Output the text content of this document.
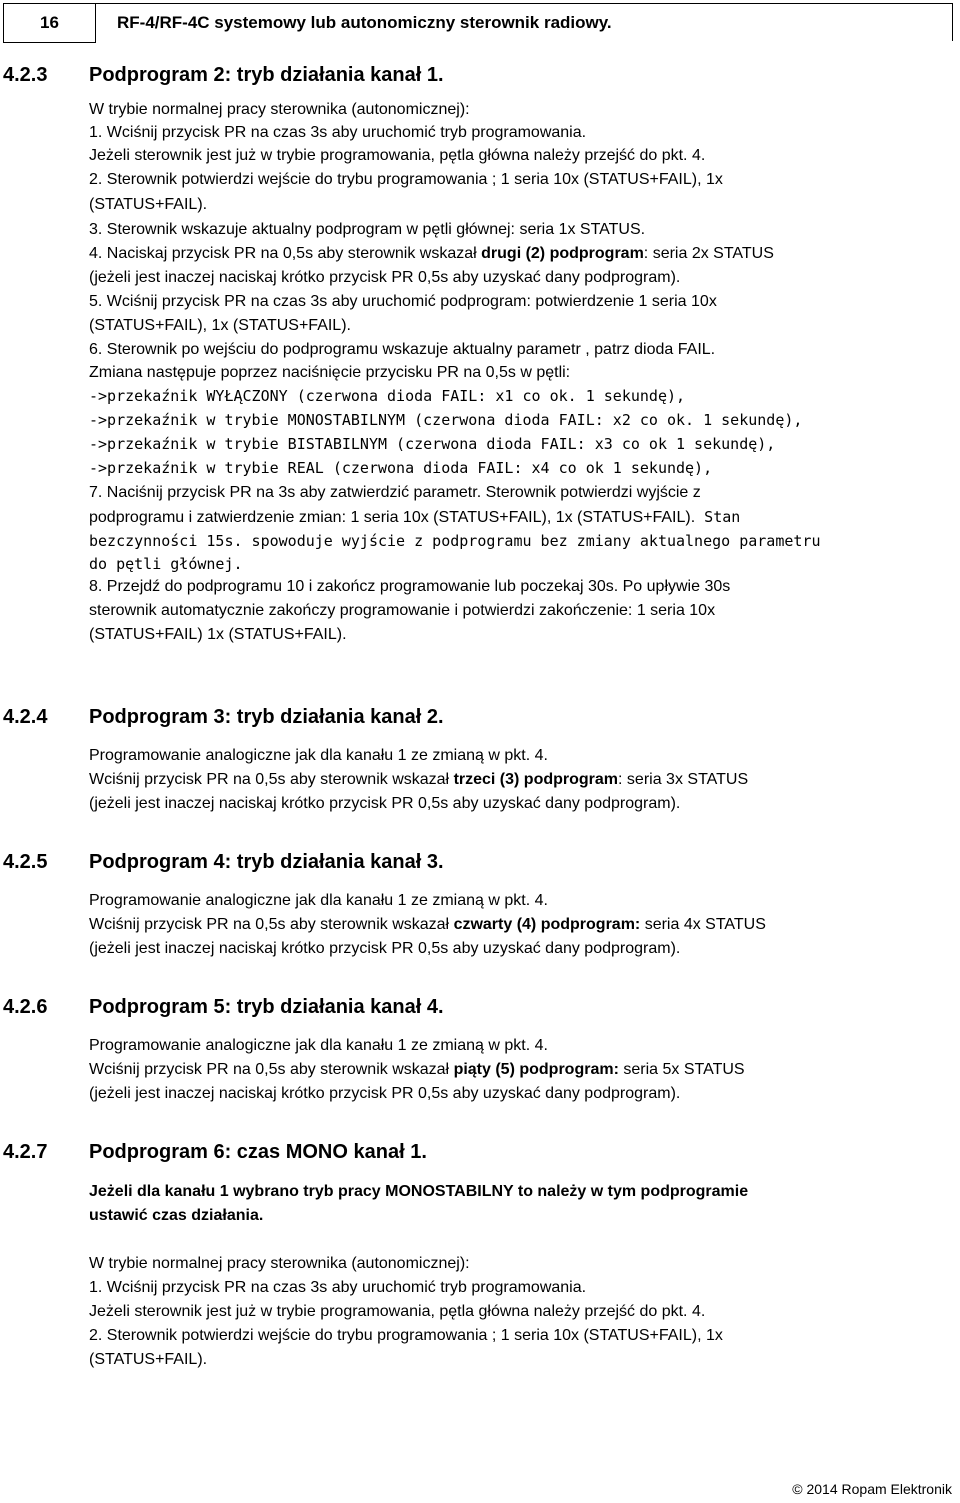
16	RF-4/RF-4C systemowy lub autonomiczny sterownik radiowy.
4.2.3 Podprogram 2: tryb działania kanał 1.
W trybie normalnej pracy sterownika (autonomicznej):
1. Wciśnij przycisk PR na czas 3s aby uruchomić tryb programowania.
Jeżeli sterownik jest już w trybie programowania, pętla główna należy przejść do pkt. 4.
2. Sterownik potwierdzi wejście do trybu programowania ; 1 seria 10x (STATUS+FAIL), 1x
(STATUS+FAIL).
3. Sterownik wskazuje aktualny podprogram w pętli głównej: seria 1x STATUS.
4. Naciskaj przycisk PR na 0,5s aby sterownik wskazał drugi (2) podprogram: seria 2x STATUS
(jeżeli jest inaczej naciskaj krótko przycisk PR 0,5s aby uzyskać dany podprogram).
5. Wciśnij przycisk PR na czas 3s aby uruchomić podprogram: potwierdzenie 1 seria 10x
(STATUS+FAIL), 1x (STATUS+FAIL).
6. Sterownik po wejściu do podprogramu wskazuje aktualny parametr , patrz dioda FAIL.
Zmiana następuje poprzez naciśnięcie przycisku PR na 0,5s w pętli:
->przekaźnik WYŁĄCZONY (czerwona dioda FAIL: x1 co ok. 1 sekundę),
->przekaźnik w trybie MONOSTABILNYM (czerwona dioda FAIL: x2 co ok. 1 sekundę),
->przekaźnik w trybie BISTABILNYM (czerwona dioda FAIL: x3 co ok 1 sekundę),
->przekaźnik w trybie REAL (czerwona dioda FAIL: x4 co ok 1 sekundę),
7. Naciśnij przycisk PR na 3s aby zatwierdzić parametr. Sterownik potwierdzi wyjście z
podprogramu i zatwierdzenie zmian: 1 seria 10x (STATUS+FAIL), 1x (STATUS+FAIL). Stan
bezczynności 15s. spowoduje wyjście z podprogramu bez zmiany aktualnego parametru
do pętli głównej.
8. Przejdź do podprogramu 10 i zakończ programowanie lub poczekaj 30s. Po upływie 30s
sterownik automatycznie zakończy programowanie i potwierdzi zakończenie: 1 seria 10x
(STATUS+FAIL) 1x (STATUS+FAIL).
4.2.4 Podprogram 3: tryb działania kanał 2.
Programowanie analogiczne jak dla kanału 1 ze zmianą w pkt. 4.
Wciśnij przycisk PR na 0,5s aby sterownik wskazał trzeci (3) podprogram: seria 3x STATUS
(jeżeli jest inaczej naciskaj krótko przycisk PR 0,5s aby uzyskać dany podprogram).
4.2.5 Podprogram 4: tryb działania kanał 3.
Programowanie analogiczne jak dla kanału 1 ze zmianą w pkt. 4.
Wciśnij przycisk PR na 0,5s aby sterownik wskazał czwarty (4) podprogram: seria 4x STATUS
(jeżeli jest inaczej naciskaj krótko przycisk PR 0,5s aby uzyskać dany podprogram).
4.2.6 Podprogram 5: tryb działania kanał 4.
Programowanie analogiczne jak dla kanału 1 ze zmianą w pkt. 4.
Wciśnij przycisk PR na 0,5s aby sterownik wskazał piąty (5) podprogram: seria 5x STATUS
(jeżeli jest inaczej naciskaj krótko przycisk PR 0,5s aby uzyskać dany podprogram).
4.2.7 Podprogram 6: czas MONO kanał 1.
Jeżeli dla kanału 1 wybrano tryb pracy MONOSTABILNY to należy w tym podprogramie
ustawić czas działania.
W trybie normalnej pracy sterownika (autonomicznej):
1. Wciśnij przycisk PR na czas 3s aby uruchomić tryb programowania.
Jeżeli sterownik jest już w trybie programowania, pętla główna należy przejść do pkt. 4.
2. Sterownik potwierdzi wejście do trybu programowania ; 1 seria 10x (STATUS+FAIL), 1x
(STATUS+FAIL).
© 2014 Ropam Elektronik
